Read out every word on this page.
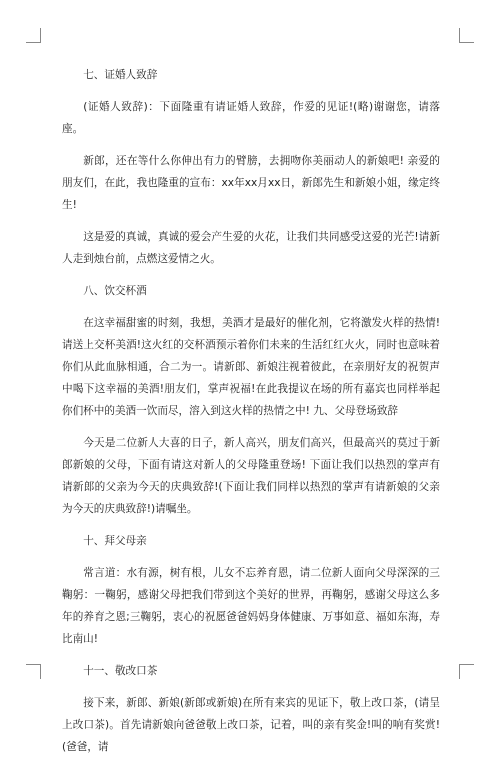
七、证婚人致辞

(证婚人致辞)：下面隆重有请证婚人致辞，作爱的见证!(略)谢谢您，请落座。

新郎，还在等什么你伸出有力的臂膀，去拥吻你美丽动人的新娘吧! 亲爱的朋友们，在此，我也隆重的宣布：xx年xx月xx日，新郎先生和新娘小姐，缘定终生!

这是爱的真诚，真诚的爱会产生爱的火花，让我们共同感受这爱的光芒!请新人走到烛台前，点燃这爱情之火。

八、饮交杯酒

在这幸福甜蜜的时刻，我想，美酒才是最好的催化剂，它将激发火样的热情!请送上交杯美酒!这火红的交杯酒预示着你们未来的生活红红火火，同时也意味着你们从此血脉相通，合二为一。请新郎、新娘注视着彼此，在亲朋好友的祝贺声中喝下这幸福的美酒!朋友们，掌声祝福!在此我提议在场的所有嘉宾也同样举起你们杯中的美酒一饮而尽，溶入到这火样的热情之中! 九、父母登场致辞

今天是二位新人大喜的日子，新人高兴，朋友们高兴，但最高兴的莫过于新郎新娘的父母，下面有请这对新人的父母隆重登场! 下面让我们以热烈的掌声有请新郎的父亲为今天的庆典致辞!(下面让我们同样以热烈的掌声有请新娘的父亲为今天的庆典致辞!)请嘱坐。

十、拜父母亲

常言道：水有源，树有根，儿女不忘养育恩，请二位新人面向父母深深的三鞠躬：一鞠躬，感谢父母把我们带到这个美好的世界，再鞠躬，感谢父母这么多年的养育之恩;三鞠躬，衷心的祝愿爸爸妈妈身体健康、万事如意、福如东海，寿比南山!

十一、敬改口茶

接下来，新郎、新娘(新郎或新娘)在所有来宾的见证下，敬上改口茶，(请呈上改口茶)。首先请新娘向爸爸敬上改口茶，记着，叫的亲有奖金!叫的响有奖赏!(爸爸，请
